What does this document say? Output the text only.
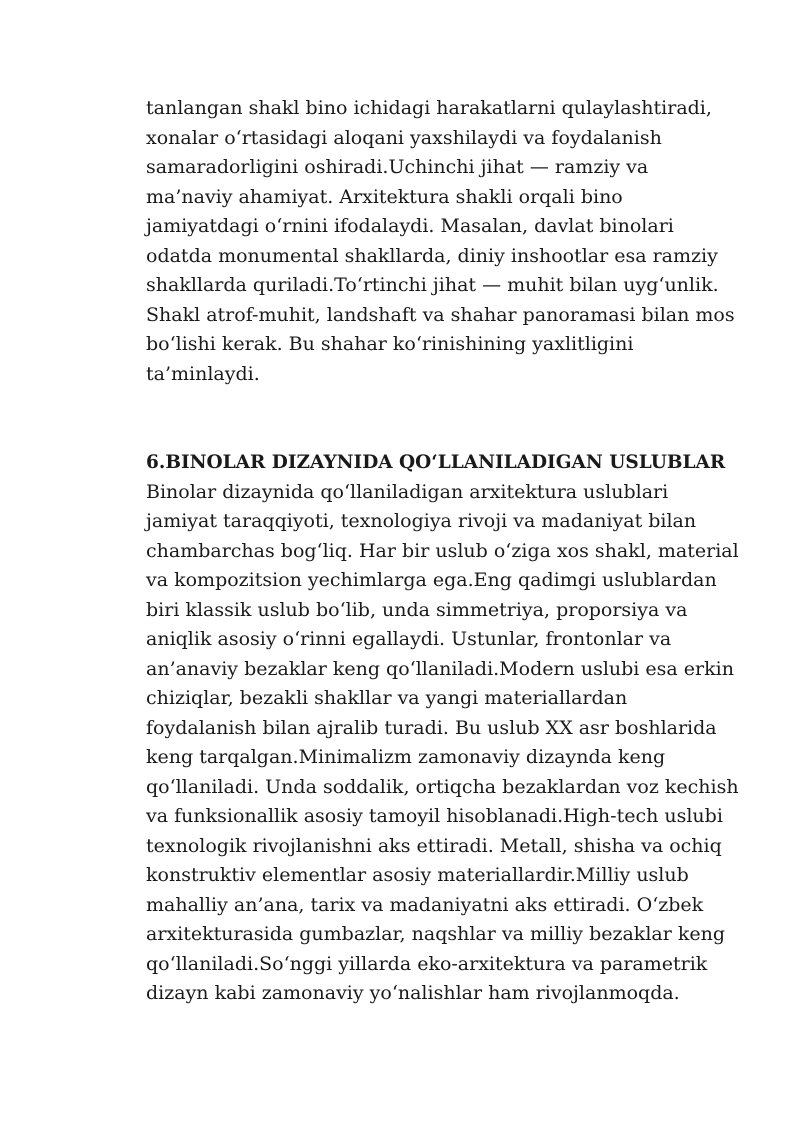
tanlangan shakl bino ichidagi harakatlarni qulaylashtiradi,
xonalar o‘rtasidagi aloqani yaxshilaydi va foydalanish
samaradorligini oshiradi.Uchinchi jihat — ramziy va
ma’naviy ahamiyat. Arxitektura shakli orqali bino
jamiyatdagi o‘rnini ifodalaydi. Masalan, davlat binolari
odatda monumental shakllarda, diniy inshootlar esa ramziy
shakllarda quriladi.To‘rtinchi jihat — muhit bilan uyg‘unlik.
Shakl atrof-muhit, landshaft va shahar panoramasi bilan mos
bo‘lishi kerak. Bu shahar ko‘rinishining yaxlitligini
ta’minlaydi.
6.BINOLAR DIZAYNIDA QO‘LLANILADIGAN USLUBLAR
Binolar dizaynida qo‘llaniladigan arxitektura uslublari
jamiyat taraqqiyoti, texnologiya rivoji va madaniyat bilan
chambarchas bog‘liq. Har bir uslub o‘ziga xos shakl, material
va kompozitsion yechimlarga ega.Eng qadimgi uslublardan
biri klassik uslub bo‘lib, unda simmetriya, proporsiya va
aniqlik asosiy o‘rinni egallaydi. Ustunlar, frontonlar va
an’anaviy bezaklar keng qo‘llaniladi.Modern uslubi esa erkin
chiziqlar, bezakli shakllar va yangi materiallardan
foydalanish bilan ajralib turadi. Bu uslub XX asr boshlarida
keng tarqalgan.Minimalizm zamonaviy dizaynda keng
qo‘llaniladi. Unda soddalik, ortiqcha bezaklardan voz kechish
va funksionallik asosiy tamoyil hisoblanadi.High-tech uslubi
texnologik rivojlanishni aks ettiradi. Metall, shisha va ochiq
konstruktiv elementlar asosiy materiallardir.Milliy uslub
mahalliy an’ana, tarix va madaniyatni aks ettiradi. O‘zbek
arxitekturasida gumbazlar, naqshlar va milliy bezaklar keng
qo‘llaniladi.So‘nggi yillarda eko-arxitektura va parametrik
dizayn kabi zamonaviy yo‘nalishlar ham rivojlanmoqda.
